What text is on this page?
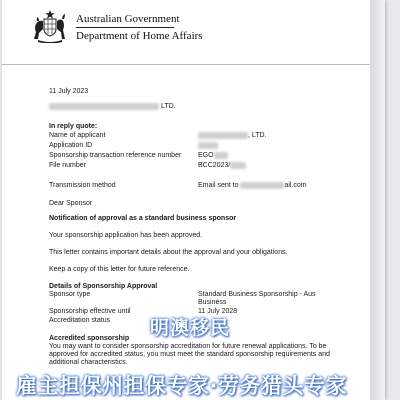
Australian Government
Department of Home Affairs
11 July 2023
LTD.
In reply quote:
Name of applicant	, LTD.
Application ID
Sponsorship transaction reference number EGO
File number	BCC2023/
Transmission method	Email sent to	ail.com
Dear Sponsor
Notification of approval as a standard business sponsor
Your sponsorship application has been approved.
This letter contains important details about the approval and your obligations.
Keep a copy of this letter for future reference.
Details of Sponsorship Approval
Sponsor type	Standard Business Sponsorship - Aus
Business
Sponsorship effective until	11 July 2028
Accreditation status
Accredited sponsorship
You may want to consider sponsorship accreditation for future renewal applications. To be
approved for accredited status, you must meet the standard sponsorship requirements and
additional characteristics.
明澳移民
雇主担保州担保专家·劳务猎头专家
